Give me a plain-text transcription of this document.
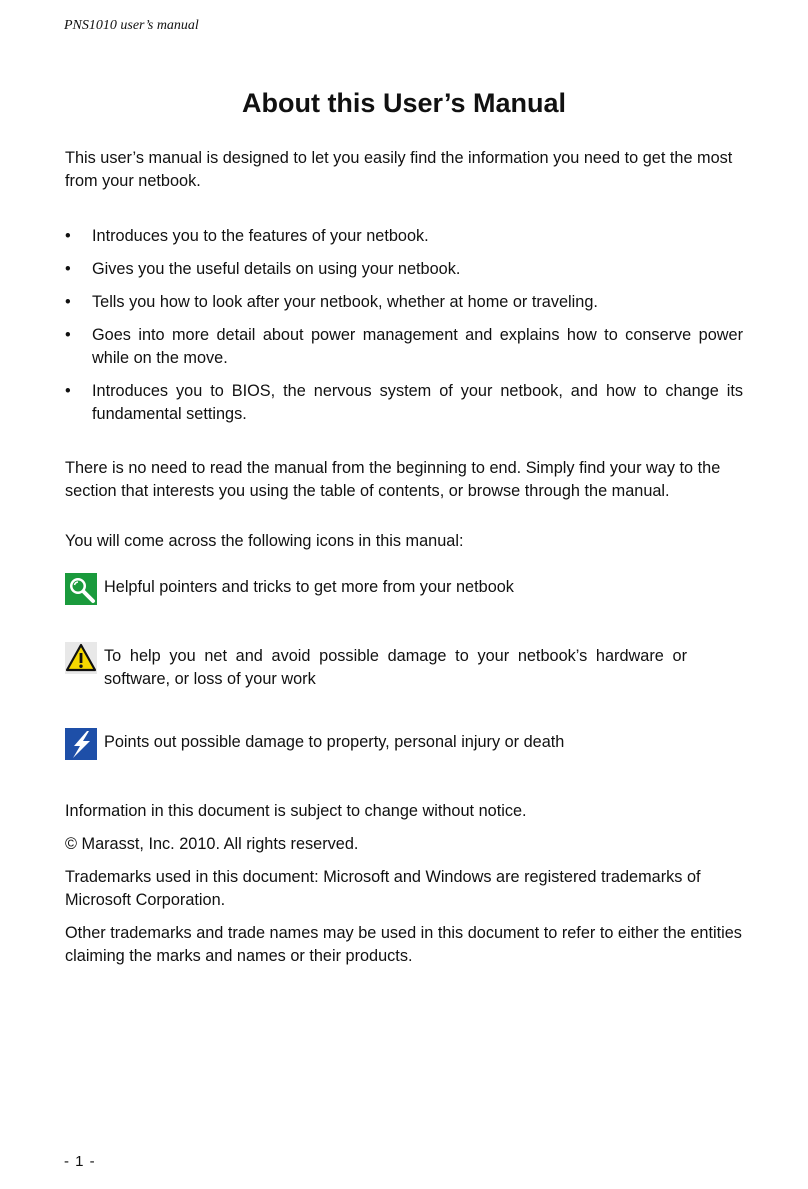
PNS1010 user’s manual
About this User’s Manual

This user’s manual is designed to let you easily find the information you need to get the most from your netbook.

• Introduces you to the features of your netbook.
• Gives you the useful details on using your netbook.
• Tells you how to look after your netbook, whether at home or traveling.
• Goes into more detail about power management and explains how to conserve power while on the move.
• Introduces you to BIOS, the nervous system of your netbook, and how to change its fundamental settings.

There is no need to read the manual from the beginning to end. Simply find your way to the section that interests you using the table of contents, or browse through the manual.

You will come across the following icons in this manual:

Helpful pointers and tricks to get more from your netbook
To help you net and avoid possible damage to your netbook’s hardware or software, or loss of your work
Points out possible damage to property, personal injury or death

Information in this document is subject to change without notice.

© Marasst, Inc. 2010. All rights reserved.

Trademarks used in this document: Microsoft and Windows are registered trademarks of Microsoft Corporation.

Other trademarks and trade names may be used in this document to refer to either the entities claiming the marks and names or their products.

- 1 -
